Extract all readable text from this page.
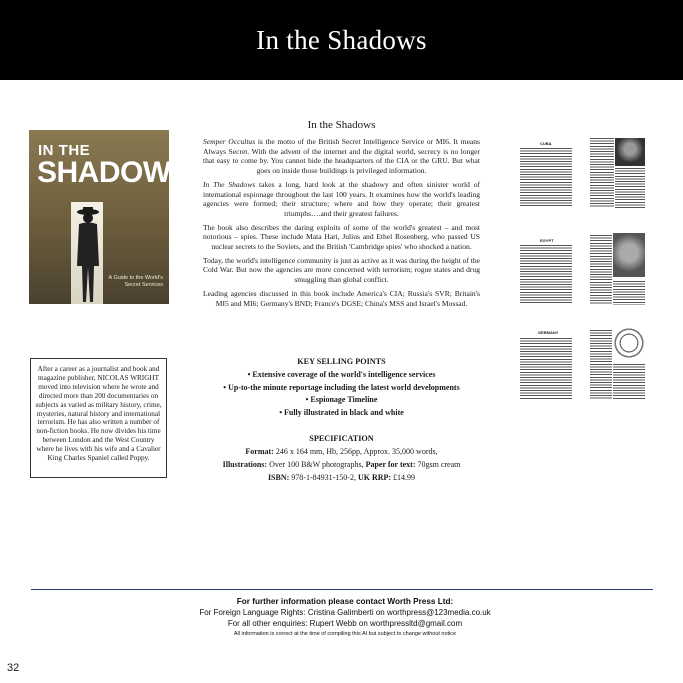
In the Shadows
IN THE
SHADOWS
A Guide to the World's Secret Services
After a career as a journalist and book and magazine publisher, NICOLAS WRIGHT moved into television where he wrote and directed more than 200 documentaries on subjects as varied as military history, crime, mysteries, natural history and international terrorism. He has also written a number of non-fiction books. He now divides his time between London and the West Country where he lives with his wife and a Cavalier King Charles Spaniel called Poppy.
In the Shadows

Semper Occultus is the motto of the British Secret Intelligence Service or MI6. It means Always Secret. With the advent of the internet and the digital world, secrecy is no longer that easy to come by. You cannot hide the headquarters of the CIA or the GRU. But what goes on inside those buildings is privileged information.

In The Shadows takes a long, hard look at the shadowy and often sinister world of international espionage throughout the last 100 years. It examines how the world's leading agencies were formed; their structure; where and how they operate; their greatest triumphs….and their greatest failures.

The book also describes the daring exploits of some of the world's greatest – and most notorious – spies. These include Mata Hari, Julius and Ethel Rosenberg, who passed US nuclear secrets to the Soviets, and the British 'Cambridge spies' who shocked a nation.

Today, the world's intelligence community is just as active as it was during the height of the Cold War. But now the agencies are more concerned with terrorism; rogue states and drug smuggling than global conflict.

Leading agencies discussed in this book include America's CIA; Russia's SVR; Britain's MI5 and MI6; Germany's BND; France's DGSE; China's MSS and Israel's Mossad.

KEY SELLING POINTS
• Extensive coverage of the world's intelligence services
• Up-to-the minute reportage including the latest world developments
• Espionage Timeline
• Fully illustrated in black and white
SPECIFICATION
Format: 246 x 164 mm, Hb, 256pp, Approx. 35,000 words,
Illustrations: Over 100 B&W photographs, Paper for text: 70gsm cream
ISBN: 978-1-84931-150-2, UK RRP: £14.99
CUBA
EGYPT
GERMANY
For further information please contact Worth Press Ltd:
For Foreign Language Rights: Cristina Galimberti on worthpress@123media.co.uk
For all other enquiries: Rupert Webb on worthpressltd@gmail.com
All information is correct at the time of compiling this AI but subject to change without notice
32
